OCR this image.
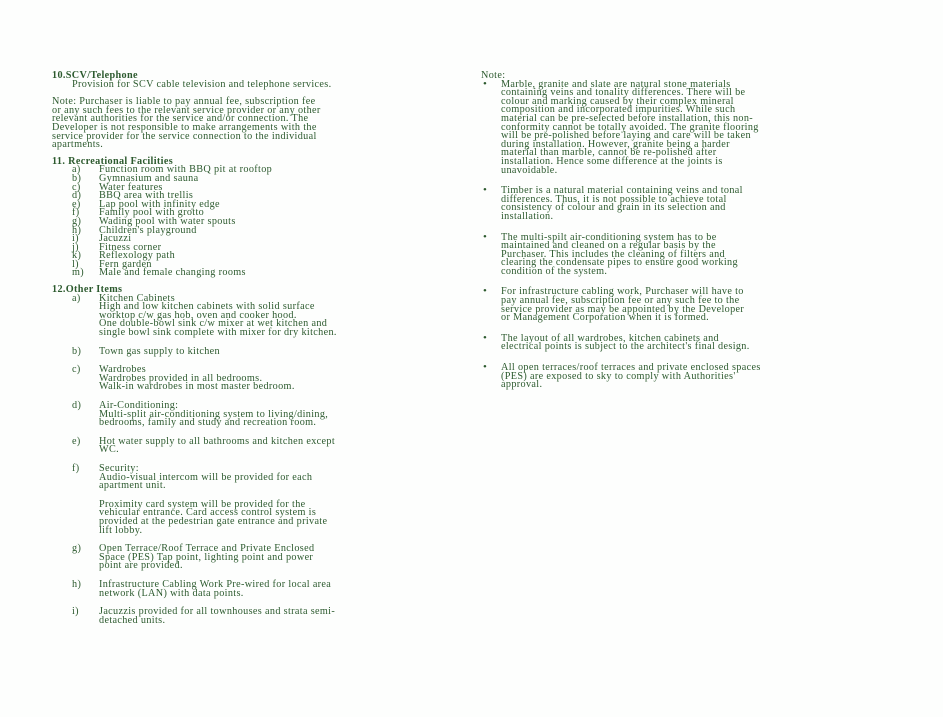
10.SCV/Telephone
Provision for SCV cable television and telephone services.
Note: Purchaser is liable to pay annual fee, subscription fee
or any such fees to the relevant service provider or any other
relevant authorities for the service and/or connection. The
Developer is not responsible to make arrangements with the
service provider for the service connection to the individual
apartments.
11. Recreational Facilities
a) Function room with BBQ pit at rooftop
b) Gymnasium and sauna
c) Water features
d) BBQ area with trellis
e) Lap pool with infinity edge
f) Family pool with grotto
g) Wading pool with water spouts
h) Children's playground
i) Jacuzzi
j) Fitness corner
k) Reflexology path
l) Fern garden
m) Male and female changing rooms
12.Other Items
a) Kitchen Cabinets
High and low kitchen cabinets with solid surface
worktop c/w gas hob, oven and cooker hood.
One double-bowl sink c/w mixer at wet kitchen and
single bowl sink complete with mixer for dry kitchen.
b) Town gas supply to kitchen
c) Wardrobes
Wardrobes provided in all bedrooms.
Walk-in wardrobes in most master bedroom.
d) Air-Conditioning:
Multi-split air-conditioning system to living/dining,
bedrooms, family and study and recreation room.
e) Hot water supply to all bathrooms and kitchen except
WC.
f) Security:
Audio-visual intercom will be provided for each
apartment unit.
Proximity card system will be provided for the
vehicular entrance. Card access control system is
provided at the pedestrian gate entrance and private
lift lobby.
g) Open Terrace/Roof Terrace and Private Enclosed
Space (PES) Tap point, lighting point and power
point are provided.
h) Infrastructure Cabling Work Pre-wired for local area
network (LAN) with data points.
i) Jacuzzis provided for all townhouses and strata semi-
detached units.
Note:
• Marble, granite and slate are natural stone materials
containing veins and tonality differences. There will be
colour and marking caused by their complex mineral
composition and incorporated impurities. While such
material can be pre-selected before installation, this non-
conformity cannot be totally avoided. The granite flooring
will be pre-polished before laying and care will be taken
during installation. However, granite being a harder
material than marble, cannot be re-polished after
installation. Hence some difference at the joints is
unavoidable.
• Timber is a natural material containing veins and tonal
differences. Thus, it is not possible to achieve total
consistency of colour and grain in its selection and
installation.
• The multi-spilt air-conditioning system has to be
maintained and cleaned on a regular basis by the
Purchaser. This includes the cleaning of filters and
clearing the condensate pipes to ensure good working
condition of the system.
• For infrastructure cabling work, Purchaser will have to
pay annual fee, subscription fee or any such fee to the
service provider as may be appointed by the Developer
or Management Corporation when it is formed.
• The layout of all wardrobes, kitchen cabinets and
electrical points is subject to the architect's final design.
• All open terraces/roof terraces and private enclosed spaces
(PES) are exposed to sky to comply with Authorities'
approval.
